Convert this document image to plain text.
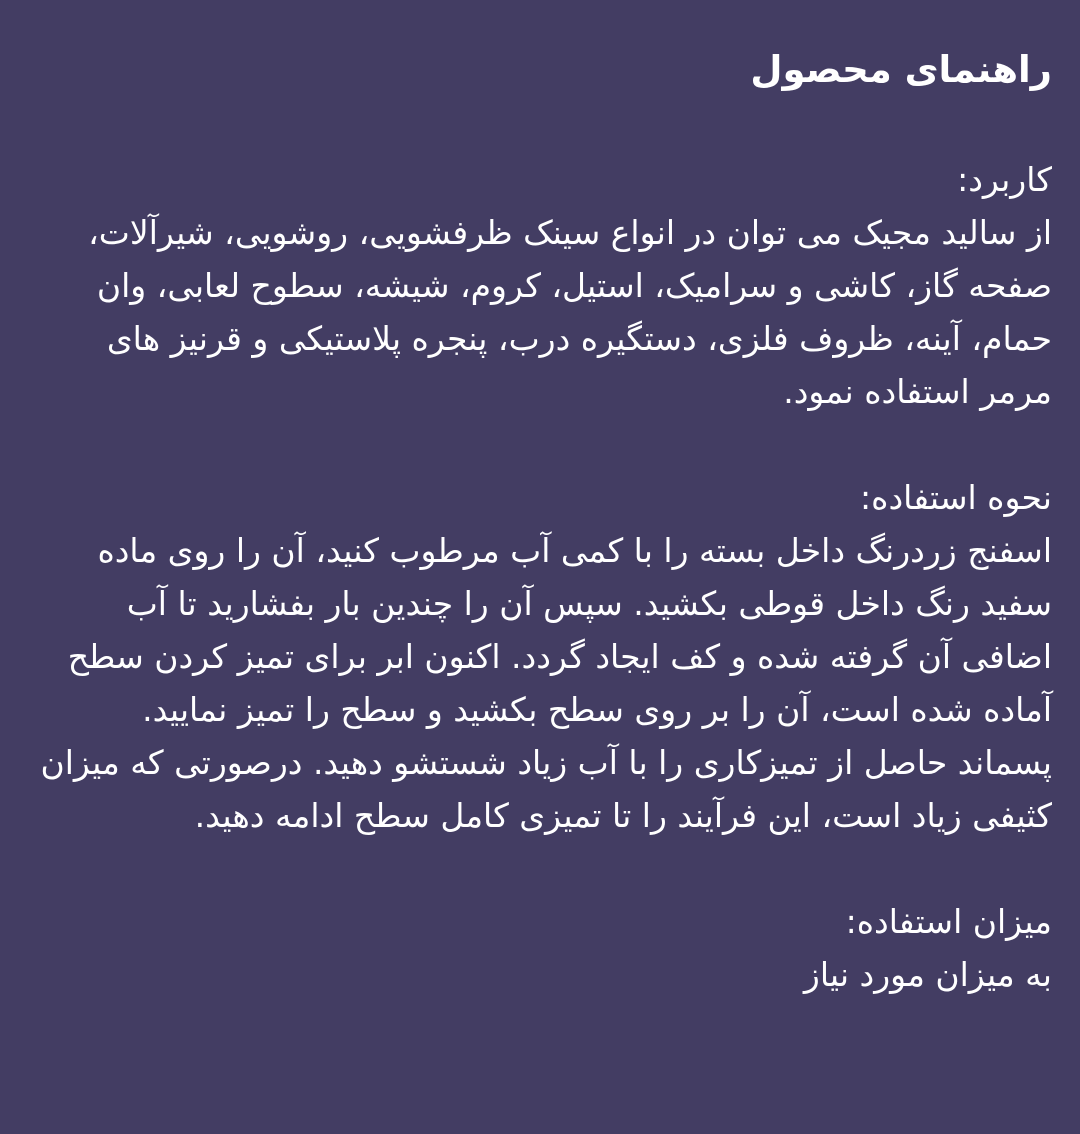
راهنمای محصول

کاربرد:

از سالید مجیک می توان در انواع سینک ظرفشویی، روشویی، شیرآلات، صفحه گاز، کاشی و سرامیک، استیل، کروم، شیشه، سطوح لعابی، وان حمام، آینه، ظروف فلزی، دستگیره درب، پنجره پلاستیکی و قرنیز های مرمر استفاده نمود.

نحوه استفاده:

اسفنج زردرنگ داخل بسته را با کمی آب مرطوب کنید، آن را روی ماده سفید رنگ داخل قوطی بکشید. سپس آن را چندین بار بفشارید تا آب اضافی آن گرفته شده و کف ایجاد گردد. اکنون ابر برای تمیز کردن سطح آماده شده است، آن را بر روی سطح بکشید و سطح را تمیز نمایید. پسماند حاصل از تمیزکاری را با آب زیاد شستشو دهید. درصورتی که میزان کثیفی زیاد است، این فرآیند را تا تمیزی کامل سطح ادامه دهید.

میزان استفاده:

به میزان مورد نیاز
